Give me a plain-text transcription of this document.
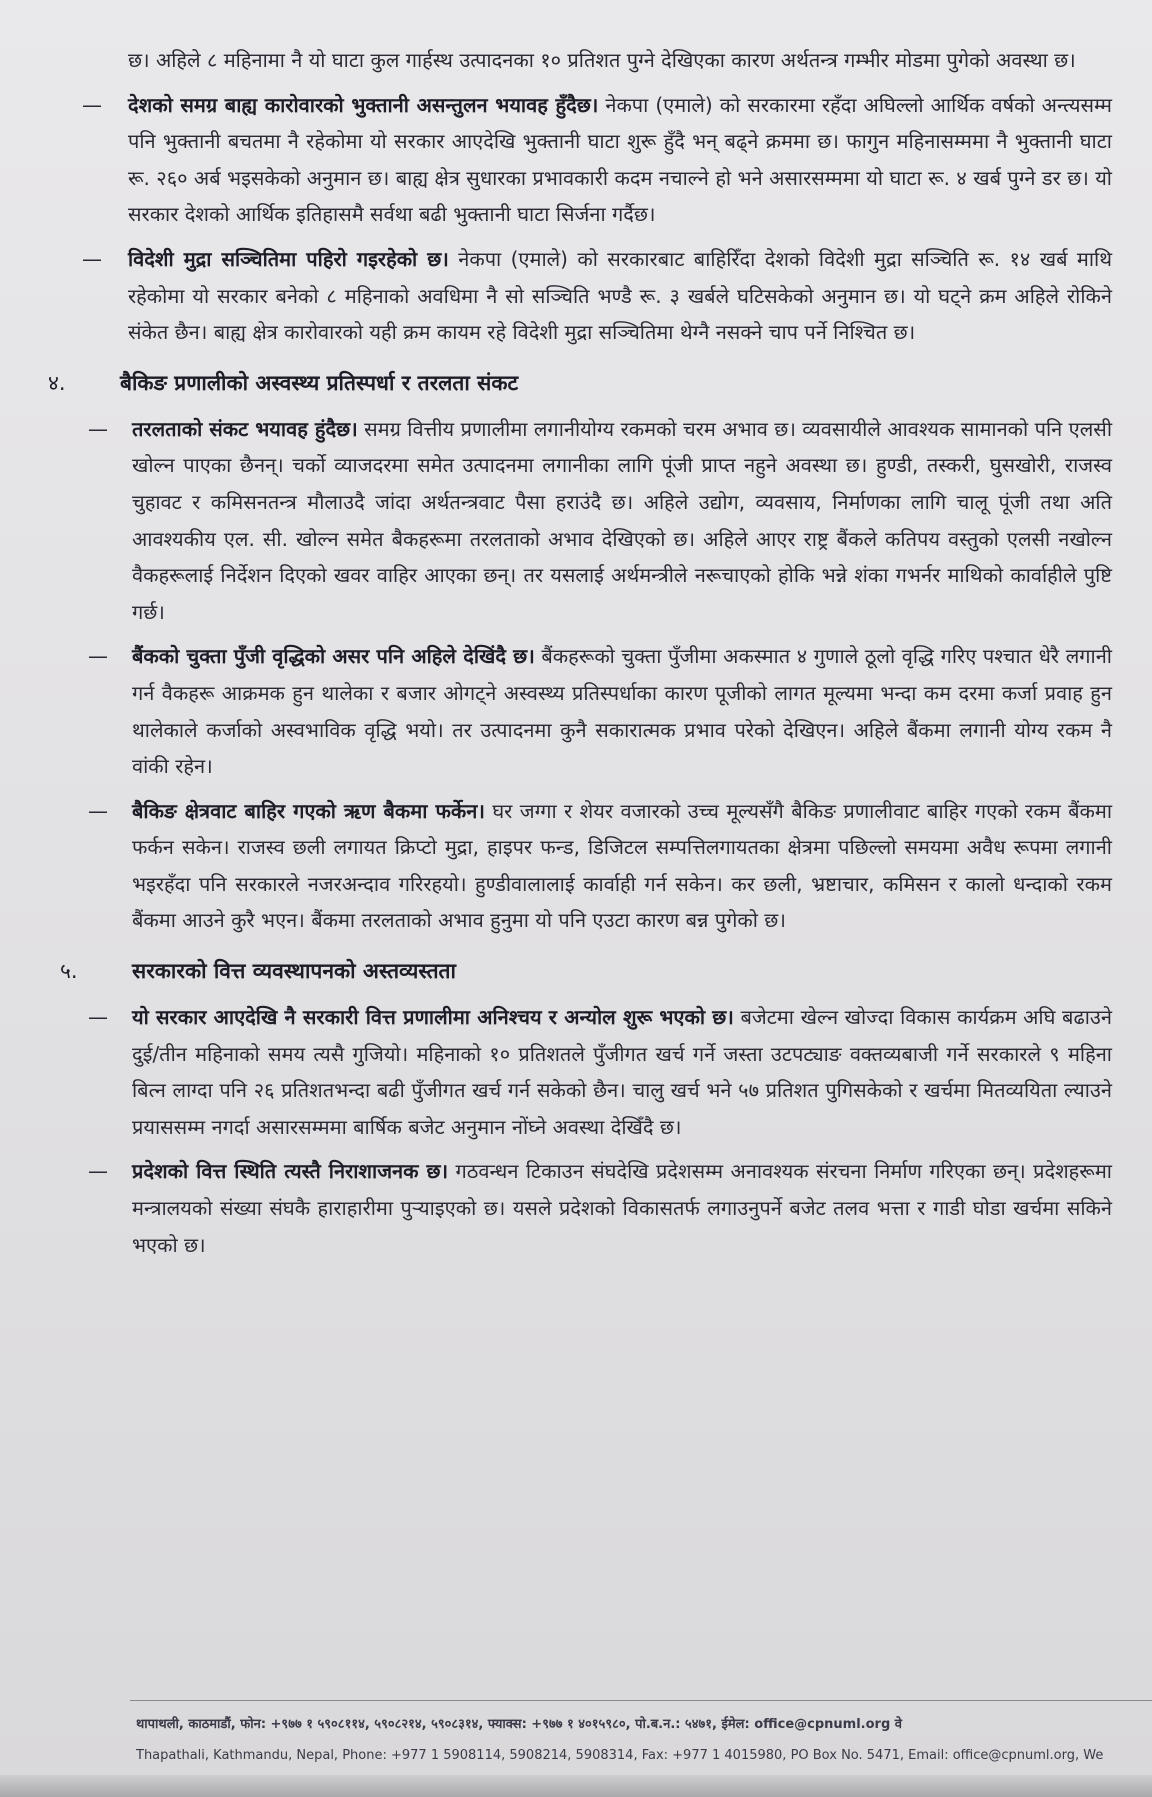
छ। अहिले ८ महिनामा नै यो घाटा कुल गार्हस्थ उत्पादनका १० प्रतिशत पुग्ने देखिएका कारण अर्थतन्त्र गम्भीर मोडमा पुगेको अवस्था छ।

— देशको समग्र बाह्य कारोवारको भुक्तानी असन्तुलन भयावह हुँदैछ। नेकपा (एमाले) को सरकारमा रहँदा अघिल्लो आर्थिक वर्षको अन्त्यसम्म पनि भुक्तानी बचतमा नै रहेकोमा यो सरकार आएदेखि भुक्तानी घाटा शुरू हुँदै भन् बढ्ने क्रममा छ। फागुन महिनासम्ममा नै भुक्तानी घाटा रू. २६० अर्ब भइसकेको अनुमान छ। बाह्य क्षेत्र सुधारका प्रभावकारी कदम नचाल्ने हो भने असारसम्ममा यो घाटा रू. ४ खर्ब पुग्ने डर छ। यो सरकार देशको आर्थिक इतिहासमै सर्वथा बढी भुक्तानी घाटा सिर्जना गर्दैछ।
— विदेशी मुद्रा सञ्चितिमा पहिरो गइरहेको छ। नेकपा (एमाले) को सरकारबाट बाहिरिँदा देशको विदेशी मुद्रा सञ्चिति रू. १४ खर्ब माथि रहेकोमा यो सरकार बनेको ८ महिनाको अवधिमा नै सो सञ्चिति भण्डै रू. ३ खर्बले घटिसकेको अनुमान छ। यो घट्ने क्रम अहिले रोकिने संकेत छैन। बाह्य क्षेत्र कारोवारको यही क्रम कायम रहे विदेशी मुद्रा सञ्चितिमा थेग्नै नसक्ने चाप पर्ने निश्चित छ।
४.	बैकिङ प्रणालीको अस्वस्थ्य प्रतिस्पर्धा र तरलता संकट
— तरलताको संकट भयावह हुंदैछ। समग्र वित्तीय प्रणालीमा लगानीयोग्य रकमको चरम अभाव छ। व्यवसायीले आवश्यक सामानको पनि एलसी खोल्न पाएका छैनन्। चर्को व्याजदरमा समेत उत्पादनमा लगानीका लागि पूंजी प्राप्त नहुने अवस्था छ। हुण्डी, तस्करी, घुसखोरी, राजस्व चुहावट र कमिसनतन्त्र मौलाउदै जांदा अर्थतन्त्रवाट पैसा हराउंदै छ। अहिले उद्योग, व्यवसाय, निर्माणका लागि चालू पूंजी तथा अति आवश्यकीय एल. सी. खोल्न समेत बैकहरूमा तरलताको अभाव देखिएको छ। अहिले आएर राष्ट्र बैंकले कतिपय वस्तुको एलसी नखोल्न वैकहरूलाई निर्देशन दिएको खवर वाहिर आएका छन्। तर यसलाई अर्थमन्त्रीले नरूचाएको होकि भन्ने शंका गभर्नर माथिको कार्वाहीले पुष्टि गर्छ।
— बैंकको चुक्ता पुँजी वृद्धिको असर पनि अहिले देखिंदै छ। बैंकहरूको चुक्ता पुँजीमा अकस्मात ४ गुणाले ठूलो वृद्धि गरिए पश्चात धेरै लगानी गर्न वैकहरू आक्रमक हुन थालेका र बजार ओगट्ने अस्वस्थ्य प्रतिस्पर्धाका कारण पूजीको लागत मूल्यमा भन्दा कम दरमा कर्जा प्रवाह हुन थालेकाले कर्जाको अस्वभाविक वृद्धि भयो। तर उत्पादनमा कुनै सकारात्मक प्रभाव परेको देखिएन। अहिले बैंकमा लगानी योग्य रकम नै वांकी रहेन।
— बैकिङ क्षेत्रवाट बाहिर गएको ऋण बैकमा फर्केन। घर जग्गा र शेयर वजारको उच्च मूल्यसँगै बैकिङ प्रणालीवाट बाहिर गएको रकम बैंकमा फर्कन सकेन। राजस्व छली लगायत क्रिप्टो मुद्रा, हाइपर फन्ड, डिजिटल सम्पत्तिलगायतका क्षेत्रमा पछिल्लो समयमा अवैध रूपमा लगानी भइरहँदा पनि सरकारले नजरअन्दाव गरिरहयो। हुण्डीवालालाई कार्वाही गर्न सकेन। कर छली, भ्रष्टाचार, कमिसन र कालो धन्दाको रकम बैंकमा आउने कुरै भएन। बैंकमा तरलताको अभाव हुनुमा यो पनि एउटा कारण बन्न पुगेको छ।
५.	सरकारको वित्त व्यवस्थापनको अस्तव्यस्तता
— यो सरकार आएदेखि नै सरकारी वित्त प्रणालीमा अनिश्चय र अन्योल शुरू भएको छ। बजेटमा खेल्न खोज्दा विकास कार्यक्रम अघि बढाउने दुई/तीन महिनाको समय त्यसै गुजियो। महिनाको १० प्रतिशतले पुँजीगत खर्च गर्ने जस्ता उटपट्याङ वक्तव्यबाजी गर्ने सरकारले ९ महिना बित्न लाग्दा पनि २६ प्रतिशतभन्दा बढी पुँजीगत खर्च गर्न सकेको छैन। चालु खर्च भने ५७ प्रतिशत पुगिसकेको र खर्चमा मितव्ययिता ल्याउने प्रयाससम्म नगर्दा असारसम्ममा बार्षिक बजेट अनुमान नोंघ्ने अवस्था देखिँदै छ।
— प्रदेशको वित्त स्थिति त्यस्तै निराशाजनक छ। गठवन्धन टिकाउन संघदेखि प्रदेशसम्म अनावश्यक संरचना निर्माण गरिएका छन्। प्रदेशहरूमा मन्त्रालयको संख्या संघकै हाराहारीमा पुऱ्याइएको छ। यसले प्रदेशको विकासतर्फ लगाउनुपर्ने बजेट तलव भत्ता र गाडी घोडा खर्चमा सकिने भएको छ।
थापाथली, काठमाडौं, फोन: +९७७ १ ५९०८११४, ५९०८२१४, ५९०८३१४, फ्याक्स: +९७७ १ ४०१५९८०, पो.ब.न.: ५४७१, ईमेल: office@cpnuml.org वे
Thapathali, Kathmandu, Nepal, Phone: +977 1 5908114, 5908214, 5908314, Fax: +977 1 4015980, PO Box No. 5471, Email: office@cpnuml.org, We
